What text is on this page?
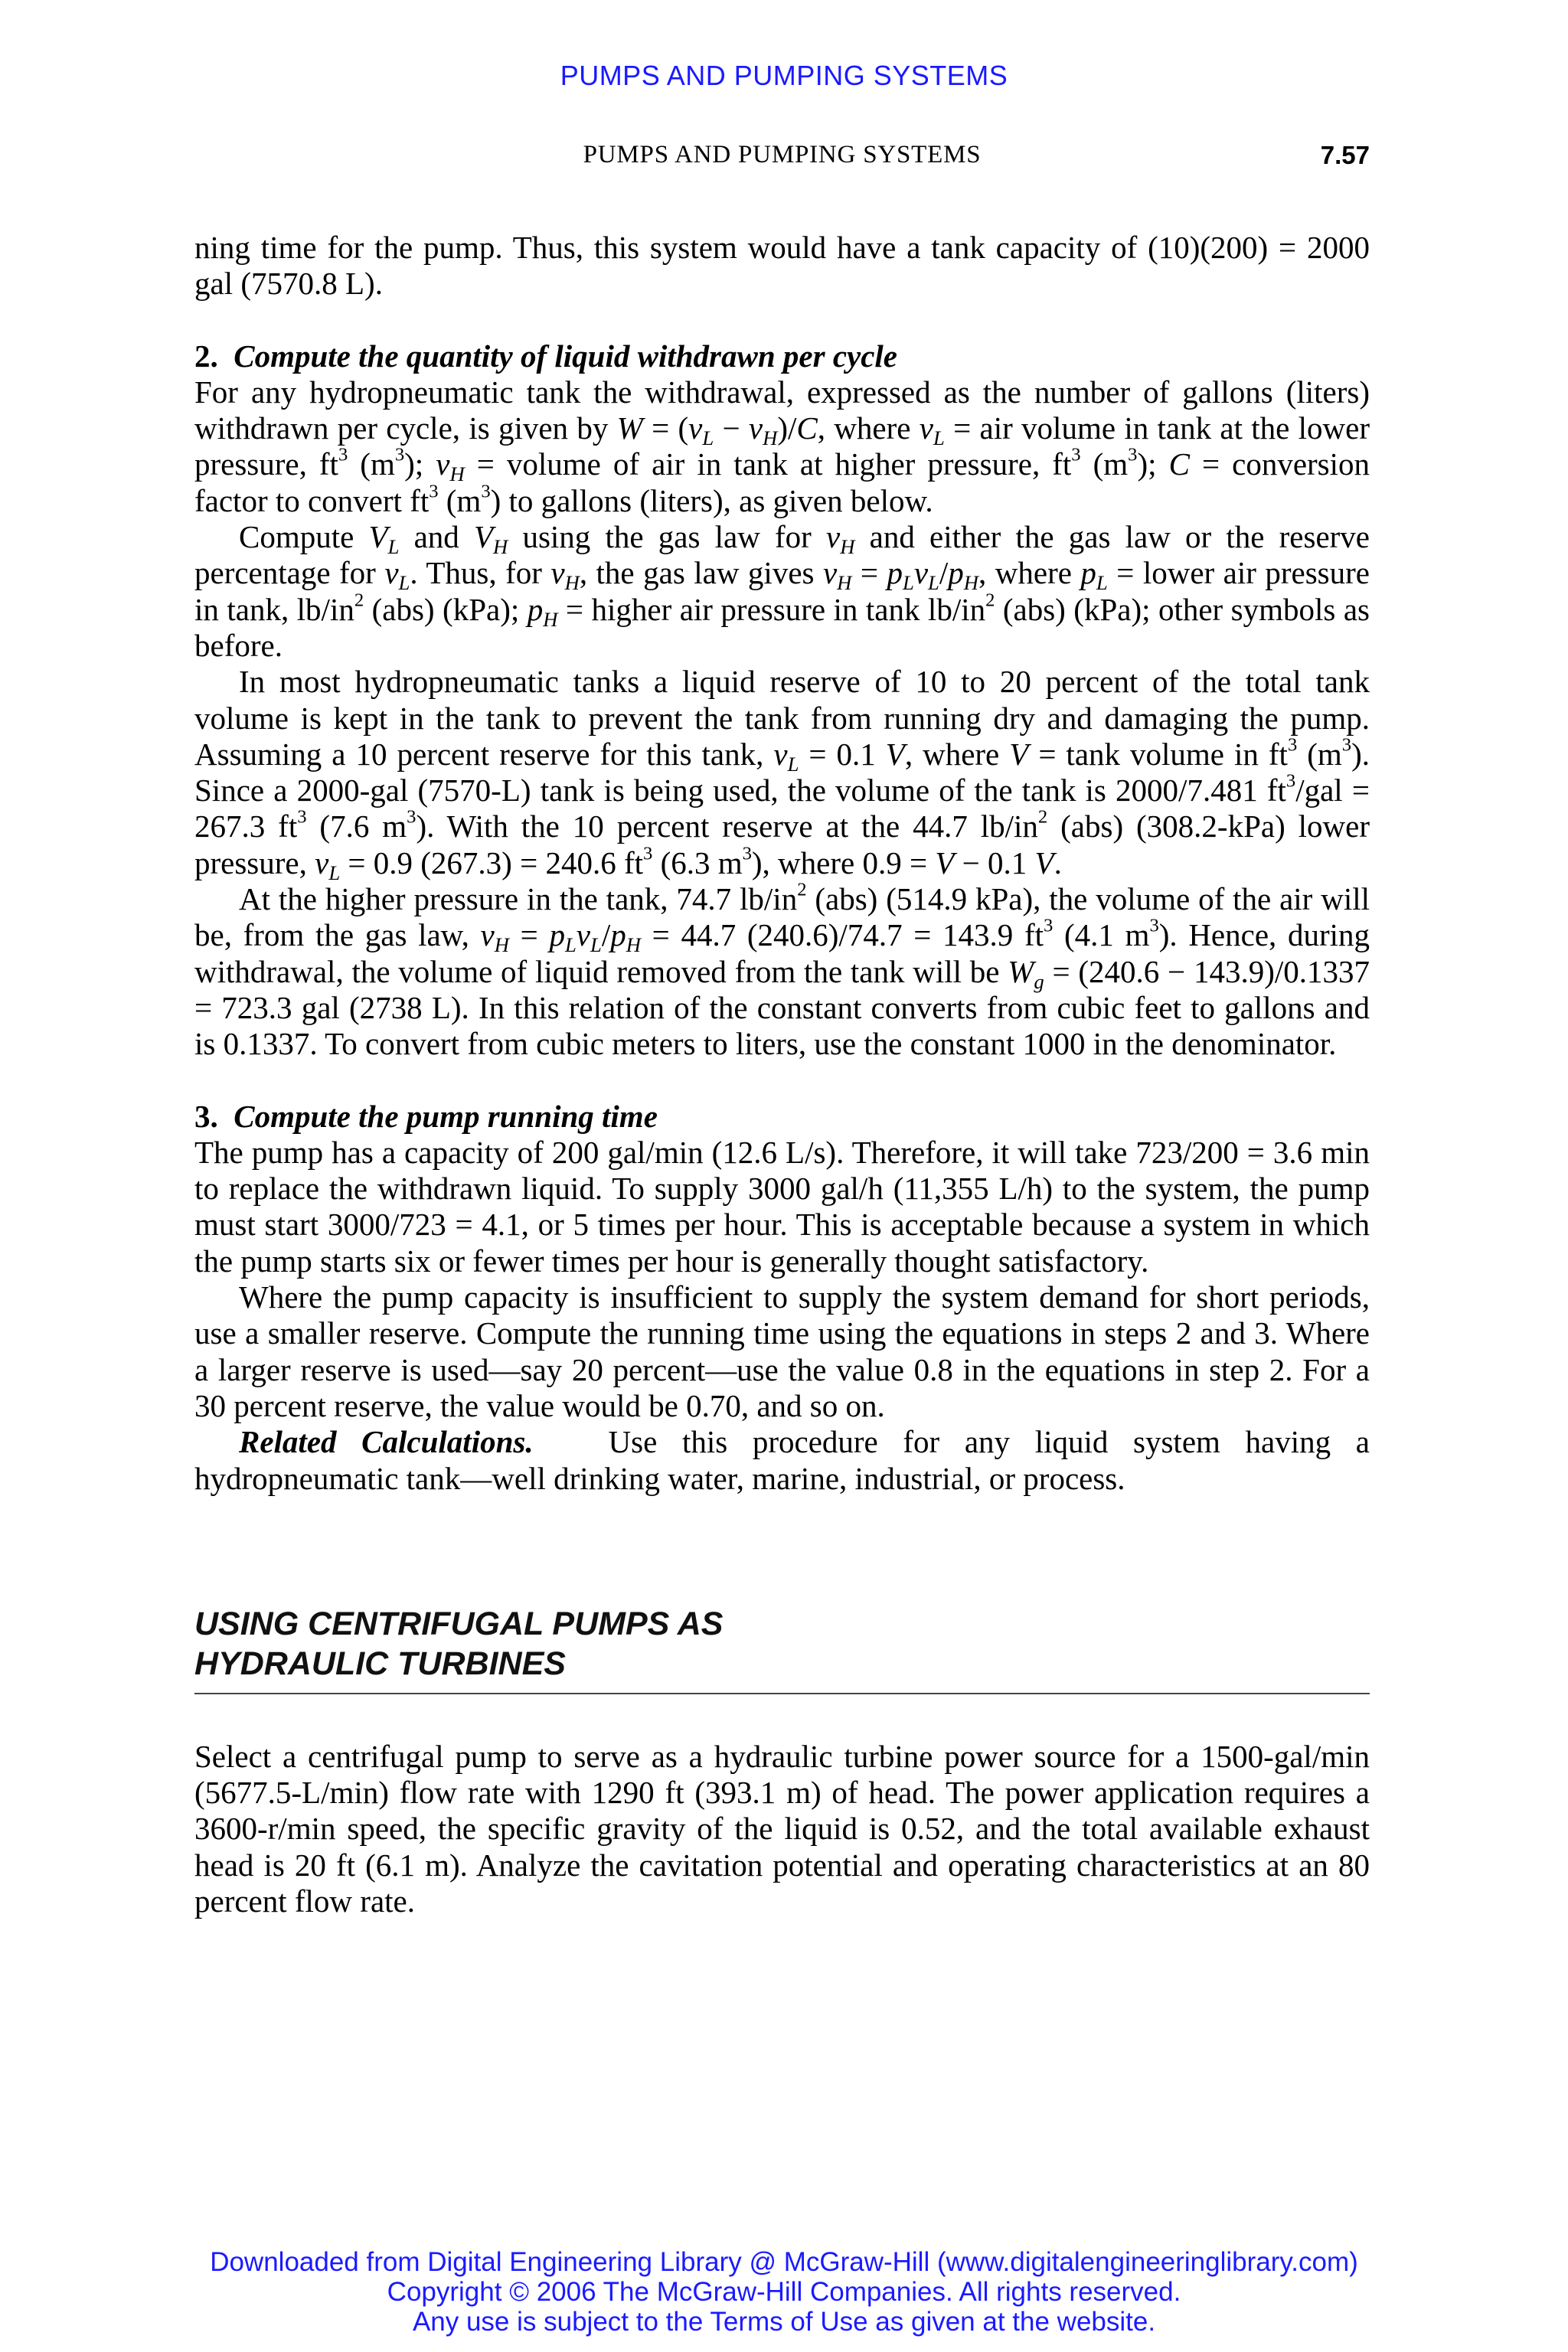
PUMPS AND PUMPING SYSTEMS
PUMPS AND PUMPING SYSTEMS	7.57

ning time for the pump. Thus, this system would have a tank capacity of (10)(200) = 2000 gal (7570.8 L).

2. Compute the quantity of liquid withdrawn per cycle

For any hydropneumatic tank the withdrawal, expressed as the number of gallons (liters) withdrawn per cycle, is given by $W = (v_L - v_H)/C$, where $v_L$ = air volume in tank at the lower pressure, $ft^3$ $(m^3)$; $v_H$ = volume of air in tank at higher pressure, $ft^3$ $(m^3)$; C = conversion factor to convert $ft^3$ $(m^3)$ to gallons (liters), as given below.

Compute $V_L$ and $V_H$ using the gas law for $v_H$ and either the gas law or the reserve percentage for $v_L$. Thus, for $v_H$, the gas law gives $v_H = p_Lv_L/p_H$, where $p_L$ = lower air pressure in tank, $lb/in^2$ (abs) (kPa); $p_H$ = higher air pressure in tank $lb/in^2$ (abs) (kPa); other symbols as before.

In most hydropneumatic tanks a liquid reserve of 10 to 20 percent of the total tank volume is kept in the tank to prevent the tank from running dry and damaging the pump. Assuming a 10 percent reserve for this tank, $v_L = 0.1$ V, where V = tank volume in $ft^3$ $(m^3)$. Since a 2000-gal (7570-L) tank is being used, the volume of the tank is 2000/7.481 $ft^3$/gal = 267.3 $ft^3$ (7.6 $m^3$). With the 10 percent reserve at the 44.7 $lb/in^2$ (abs) (308.2-kPa) lower pressure, $v_L = 0.9$ (267.3) = 240.6 $ft^3$ (6.3 $m^3$), where 0.9 = V − 0.1 V.

At the higher pressure in the tank, 74.7 $lb/in^2$ (abs) (514.9 kPa), the volume of the air will be, from the gas law, $v_H = p_Lv_L/p_H = 44.7$ (240.6)/74.7 = 143.9 $ft^3$ (4.1 $m^3$). Hence, during withdrawal, the volume of liquid removed from the tank will be $W_g = (240.6 - 143.9)/0.1337 = 723.3$ gal (2738 L). In this relation of the constant converts from cubic feet to gallons and is 0.1337. To convert from cubic meters to liters, use the constant 1000 in the denominator.

3. Compute the pump running time

The pump has a capacity of 200 gal/min (12.6 L/s). Therefore, it will take 723/200 = 3.6 min to replace the withdrawn liquid. To supply 3000 gal/h (11,355 L/h) to the system, the pump must start 3000/723 = 4.1, or 5 times per hour. This is acceptable because a system in which the pump starts six or fewer times per hour is generally thought satisfactory.

Where the pump capacity is insufficient to supply the system demand for short periods, use a smaller reserve. Compute the running time using the equations in steps 2 and 3. Where a larger reserve is used—say 20 percent—use the value 0.8 in the equations in step 2. For a 30 percent reserve, the value would be 0.70, and so on.

Related Calculations. Use this procedure for any liquid system having a hydropneumatic tank—well drinking water, marine, industrial, or process.

USING CENTRIFUGAL PUMPS AS
HYDRAULIC TURBINES

Select a centrifugal pump to serve as a hydraulic turbine power source for a 1500-gal/min (5677.5-L/min) flow rate with 1290 ft (393.1 m) of head. The power application requires a 3600-r/min speed, the specific gravity of the liquid is 0.52, and the total available exhaust head is 20 ft (6.1 m). Analyze the cavitation potential and operating characteristics at an 80 percent flow rate.

Downloaded from Digital Engineering Library @ McGraw-Hill (www.digitalengineeringlibrary.com)
Copyright © 2006 The McGraw-Hill Companies. All rights reserved.
Any use is subject to the Terms of Use as given at the website.
